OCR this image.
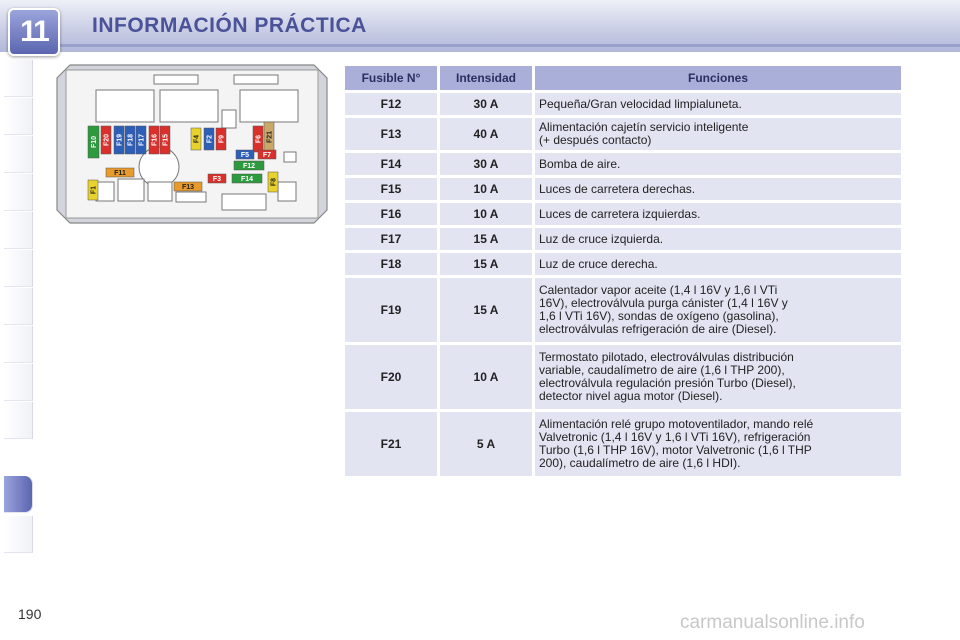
11	INFORMACIÓN PRÁCTICA
F10 F20 F19 F18 F17 F16 F15	F4 F2 F9	F6 F21
F1
F8
F5 F7
F12
F11
F3	F14
F13
Fusible N°	Intensidad	Funciones
F12	30 A	Pequeña/Gran velocidad limpialuneta.
F13	40 A	Alimentación cajetín servicio inteligente
(+ después contacto)
F14	30 A	Bomba de aire.
F15	10 A	Luces de carretera derechas.
F16	10 A	Luces de carretera izquierdas.
F17	15 A	Luz de cruce izquierda.
F18	15 A	Luz de cruce derecha.
F19	15 A	Calentador vapor aceite (1,4 l 16V y 1,6 l VTi
16V), electroválvula purga cánister (1,4 l 16V y
1,6 l VTi 16V), sondas de oxígeno (gasolina),
electroválvulas refrigeración de aire (Diesel).
F20	10 A	Termostato pilotado, electroválvulas distribución
variable, caudalímetro de aire (1,6 l THP 200),
electroválvula regulación presión Turbo (Diesel),
detector nivel agua motor (Diesel).
F21	5 A	Alimentación relé grupo motoventilador, mando relé
Valvetronic (1,4 l 16V y 1,6 l VTi 16V), refrigeración
Turbo (1,6 l THP 16V), motor Valvetronic (1,6 l THP
200), caudalímetro de aire (1,6 l HDI).
190	carmanualsonline.info
